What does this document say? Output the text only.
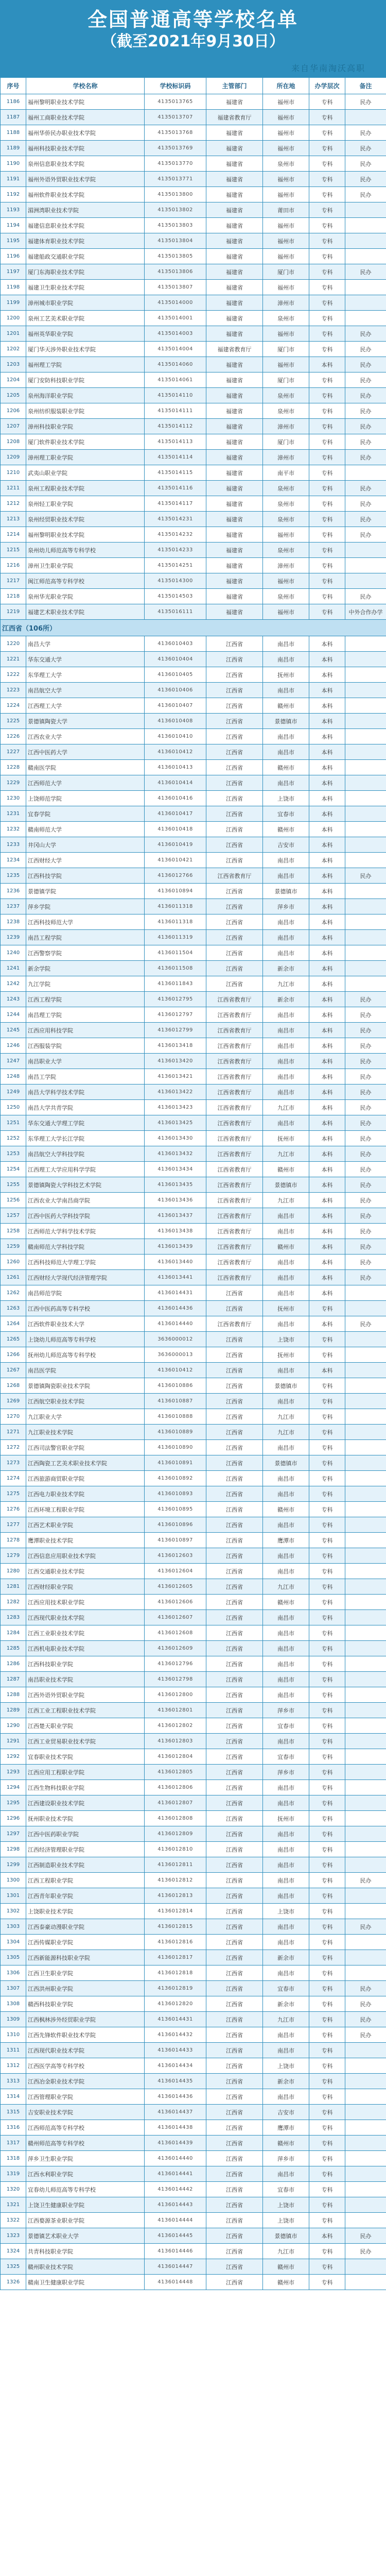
全国普通高等学校名单
（截至2021年9月30日）
来自华南淘沃高职
序号	学校名称	学校标识码	主管部门	所在地	办学层次	备注
1186	福州黎明职业技术学院	4135013765	福建省	福州市	专科	民办
1187	福州工商职业技术学院	4135013707	福建省教育厅	福州市	专科	
1188	福州华侨民办职业技术学院	4135013768	福建省	福州市	专科	民办
1189	福州科技职业技术学院	4135013769	福建省	福州市	专科	民办
1190	泉州信息职业技术学院	4135013770	福建省	泉州市	专科	民办
1191	福州外语外贸职业技术学院	4135013771	福建省	福州市	专科	民办
1192	福州软件职业技术学院	4135013800	福建省	福州市	专科	民办
1193	湄洲湾职业技术学院	4135013802	福建省	莆田市	专科	
1194	福建信息职业技术学院	4135013803	福建省	福州市	专科	
1195	福建体育职业技术学院	4135013804	福建省	福州市	专科	
1196	福建船政交通职业学院	4135013805	福建省	福州市	专科	
1197	厦门东海职业技术学院	4135013806	福建省	厦门市	专科	民办
1198	福建卫生职业技术学院	4135013807	福建省	福州市	专科	
1199	漳州城市职业学院	4135014000	福建省	漳州市	专科	
1200	泉州工艺美术职业学院	4135014001	福建省	泉州市	专科	
1201	福州英华职业学院	4135014003	福建省	福州市	专科	民办
1202	厦门华天涉外职业技术学院	4135014004	福建省教育厅	厦门市	专科	民办
1203	福州理工学院	4135014060	福建省	福州市	本科	民办
1204	厦门安防科技职业学院	4135014061	福建省	厦门市	专科	民办
1205	泉州海洋职业学院	4135014110	福建省	泉州市	专科	民办
1206	泉州纺织服装职业学院	4135014111	福建省	泉州市	专科	民办
1207	漳州科技职业学院	4135014112	福建省	漳州市	专科	民办
1208	厦门软件职业技术学院	4135014113	福建省	厦门市	专科	民办
1209	漳州理工职业学院	4135014114	福建省	漳州市	专科	民办
1210	武夷山职业学院	4135014115	福建省	南平市	专科	
1211	泉州工程职业技术学院	4135014116	福建省	泉州市	专科	民办
1212	泉州轻工职业学院	4135014117	福建省	泉州市	专科	民办
1213	泉州经贸职业技术学院	4135014231	福建省	泉州市	专科	民办
1214	福州黎明职业技术学院	4135014232	福建省	福州市	专科	民办
1215	泉州幼儿师范高等专科学校	4135014233	福建省	泉州市	专科	
1216	漳州卫生职业学院	4135014251	福建省	漳州市	专科	
1217	闽江师范高等专科学校	4135014300	福建省	福州市	专科	
1218	泉州华光职业学院	4135014503	福建省	泉州市	专科	民办
1219	福建艺术职业技术学院	4135016111	福建省	福州市	专科	中外合作办学
江西省（106所）						
1220	南昌大学	4136010403	江西省	南昌市	本科	
1221	华东交通大学	4136010404	江西省	南昌市	本科	
1222	东华理工大学	4136010405	江西省	抚州市	本科	
1223	南昌航空大学	4136010406	江西省	南昌市	本科	
1224	江西理工大学	4136010407	江西省	赣州市	本科	
1225	景德镇陶瓷大学	4136010408	江西省	景德镇市	本科	
1226	江西农业大学	4136010410	江西省	南昌市	本科	
1227	江西中医药大学	4136010412	江西省	南昌市	本科	
1228	赣南医学院	4136010413	江西省	赣州市	本科	
1229	江西师范大学	4136010414	江西省	南昌市	本科	
1230	上饶师范学院	4136010416	江西省	上饶市	本科	
1231	宜春学院	4136010417	江西省	宜春市	本科	
1232	赣南师范大学	4136010418	江西省	赣州市	本科	
1233	井冈山大学	4136010419	江西省	吉安市	本科	
1234	江西财经大学	4136010421	江西省	南昌市	本科	
1235	江西科技学院	4136012766	江西省教育厅	南昌市	本科	民办
1236	景德镇学院	4136010894	江西省	景德镇市	本科	
1237	萍乡学院	4136011318	江西省	萍乡市	本科	
1238	江西科技师范大学	4136011318	江西省	南昌市	本科	
1239	南昌工程学院	4136011319	江西省	南昌市	本科	
1240	江西警察学院	4136011504	江西省	南昌市	本科	
1241	新余学院	4136011508	江西省	新余市	本科	
1242	九江学院	4136011843	江西省	九江市	本科	
1243	江西工程学院	4136012795	江西省教育厅	新余市	本科	民办
1244	南昌理工学院	4136012797	江西省教育厅	南昌市	本科	民办
1245	江西应用科技学院	4136012799	江西省教育厅	南昌市	本科	民办
1246	江西服装学院	4136013418	江西省教育厅	南昌市	本科	民办
1247	南昌职业大学	4136013420	江西省教育厅	南昌市	本科	民办
1248	南昌工学院	4136013421	江西省教育厅	南昌市	本科	民办
1249	南昌大学科学技术学院	4136013422	江西省教育厅	南昌市	本科	民办
1250	南昌大学共青学院	4136013423	江西省教育厅	九江市	本科	民办
1251	华东交通大学理工学院	4136013425	江西省教育厅	南昌市	本科	民办
1252	东华理工大学长江学院	4136013430	江西省教育厅	抚州市	本科	民办
1253	南昌航空大学科技学院	4136013432	江西省教育厅	九江市	本科	民办
1254	江西理工大学应用科学学院	4136013434	江西省教育厅	赣州市	本科	民办
1255	景德镇陶瓷大学科技艺术学院	4136013435	江西省教育厅	景德镇市	本科	民办
1256	江西农业大学南昌商学院	4136013436	江西省教育厅	九江市	本科	民办
1257	江西中医药大学科技学院	4136013437	江西省教育厅	南昌市	本科	民办
1258	江西师范大学科学技术学院	4136013438	江西省教育厅	南昌市	本科	民办
1259	赣南师范大学科技学院	4136013439	江西省教育厅	赣州市	本科	民办
1260	江西科技师范大学理工学院	4136013440	江西省教育厅	南昌市	本科	民办
1261	江西财经大学现代经济管理学院	4136013441	江西省教育厅	南昌市	本科	民办
1262	南昌师范学院	4136014431	江西省	南昌市	本科	
1263	江西中医药高等专科学校	4136014436	江西省	抚州市	专科	
1264	江西软件职业技术大学	4136014440	江西省教育厅	南昌市	本科	民办
1265	上饶幼儿师范高等专科学校	3636000012	江西省	上饶市	专科	
1266	抚州幼儿师范高等专科学校	3636000013	江西省	抚州市	专科	
1267	南昌医学院	4136010412	江西省	南昌市	本科	
1268	景德镇陶瓷职业技术学院	4136010886	江西省	景德镇市	专科	
1269	江西航空职业技术学院	4136010887	江西省	南昌市	专科	
1270	九江职业大学	4136010888	江西省	九江市	专科	
1271	九江职业技术学院	4136010889	江西省	九江市	专科	
1272	江西司法警官职业学院	4136010890	江西省	南昌市	专科	
1273	江西陶瓷工艺美术职业技术学院	4136010891	江西省	景德镇市	专科	
1274	江西旅游商贸职业学院	4136010892	江西省	南昌市	专科	
1275	江西电力职业技术学院	4136010893	江西省	南昌市	专科	
1276	江西环境工程职业学院	4136010895	江西省	赣州市	专科	
1277	江西艺术职业学院	4136010896	江西省	南昌市	专科	
1278	鹰潭职业技术学院	4136010897	江西省	鹰潭市	专科	
1279	江西信息应用职业技术学院	4136012603	江西省	南昌市	专科	
1280	江西交通职业技术学院	4136012604	江西省	南昌市	专科	
1281	江西财经职业学院	4136012605	江西省	九江市	专科	
1282	江西应用技术职业学院	4136012606	江西省	赣州市	专科	
1283	江西现代职业技术学院	4136012607	江西省	南昌市	专科	
1284	江西工业职业技术学院	4136012608	江西省	南昌市	专科	
1285	江西机电职业技术学院	4136012609	江西省	南昌市	专科	
1286	江西科技职业学院	4136012796	江西省	南昌市	专科	
1287	南昌职业技术学院	4136012798	江西省	南昌市	专科	
1288	江西外语外贸职业学院	4136012800	江西省	南昌市	专科	
1289	江西工业工程职业技术学院	4136012801	江西省	萍乡市	专科	
1290	江西楚天职业学院	4136012802	江西省	宜春市	专科	
1291	江西工业贸易职业技术学院	4136012803	江西省	南昌市	专科	
1292	宜春职业技术学院	4136012804	江西省	宜春市	专科	
1293	江西应用工程职业学院	4136012805	江西省	萍乡市	专科	
1294	江西生物科技职业学院	4136012806	江西省	南昌市	专科	
1295	江西建设职业技术学院	4136012807	江西省	南昌市	专科	
1296	抚州职业技术学院	4136012808	江西省	抚州市	专科	
1297	江西中医药职业学院	4136012809	江西省	南昌市	专科	
1298	江西经济管理职业学院	4136012810	江西省	南昌市	专科	
1299	江西制造职业技术学院	4136012811	江西省	南昌市	专科	
1300	江西工程职业学院	4136012812	江西省	南昌市	专科	民办
1301	江西青年职业学院	4136012813	江西省	南昌市	专科	
1302	上饶职业技术学院	4136012814	江西省	上饶市	专科	
1303	江西泰豪动漫职业学院	4136012815	江西省	南昌市	专科	民办
1304	江西传媒职业学院	4136012816	江西省	南昌市	专科	
1305	江西新能源科技职业学院	4136012817	江西省	新余市	专科	
1306	江西卫生职业学院	4136012818	江西省	南昌市	专科	
1307	江西洪州职业学院	4136012819	江西省	宜春市	专科	民办
1308	赣西科技职业学院	4136012820	江西省	新余市	专科	民办
1309	江西枫林涉外经贸职业学院	4136014431	江西省	九江市	专科	民办
1310	江西先锋软件职业技术学院	4136014432	江西省	南昌市	专科	民办
1311	江西现代职业技术学院	4136014433	江西省	南昌市	专科	
1312	江西医学高等专科学校	4136014434	江西省	上饶市	专科	
1313	江西冶金职业技术学院	4136014435	江西省	新余市	专科	
1314	江西管理职业学院	4136014436	江西省	南昌市	专科	
1315	吉安职业技术学院	4136014437	江西省	吉安市	专科	
1316	江西师范高等专科学校	4136014438	江西省	鹰潭市	专科	
1317	赣州师范高等专科学校	4136014439	江西省	赣州市	专科	
1318	萍乡卫生职业学院	4136014440	江西省	萍乡市	专科	
1319	江西水利职业学院	4136014441	江西省	南昌市	专科	
1320	宜春幼儿师范高等专科学校	4136014442	江西省	宜春市	专科	
1321	上饶卫生健康职业学院	4136014443	江西省	上饶市	专科	
1322	江西婺源茶业职业学院	4136014444	江西省	上饶市	专科	
1323	景德镇艺术职业大学	4136014445	江西省	景德镇市	本科	民办
1324	共青科技职业学院	4136014446	江西省	九江市	专科	民办
1325	赣州职业技术学院	4136014447	江西省	赣州市	专科	
1326	赣南卫生健康职业学院	4136014448	江西省	赣州市	专科	
